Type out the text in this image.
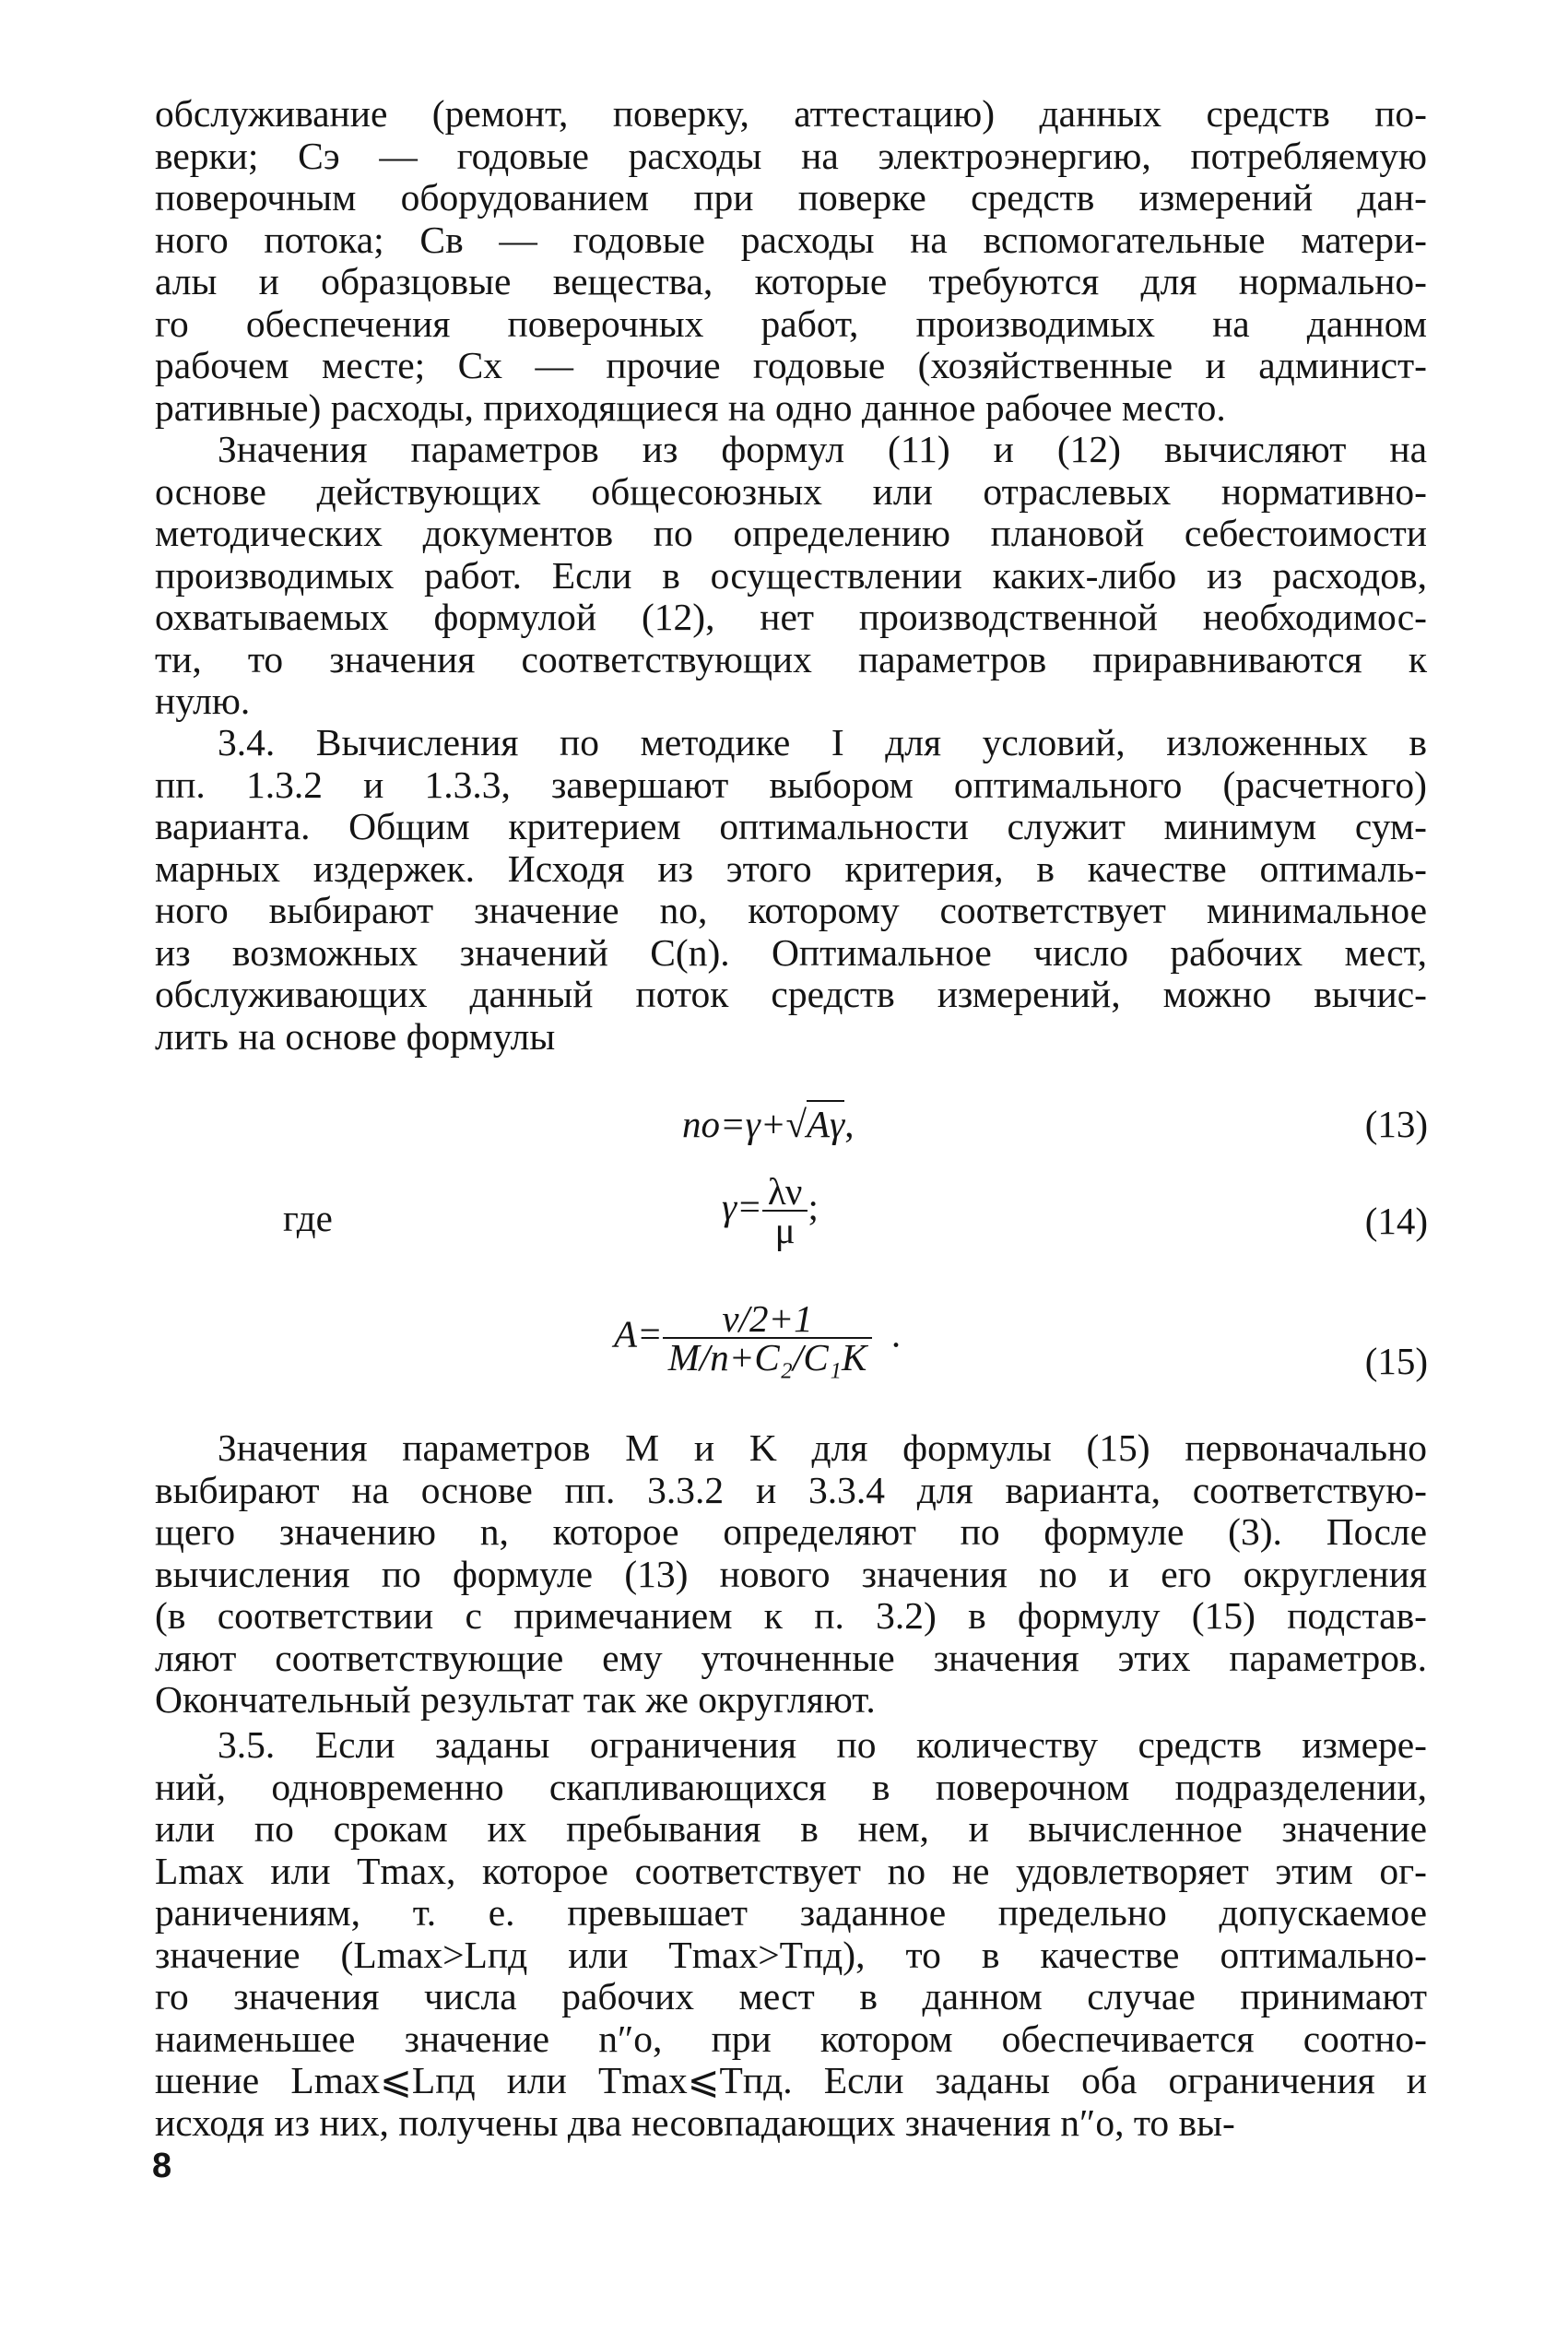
обслуживание (ремонт, поверку, аттестацию) данных средств по-
верки; Cэ — годовые расходы на электроэнергию, потребляемую
поверочным оборудованием при поверке средств измерений дан-
ного потока; Cв — годовые расходы на вспомогательные матери-
алы и образцовые вещества, которые требуются для нормально-
го обеспечения поверочных работ, производимых на данном
рабочем месте; Cх — прочие годовые (хозяйственные и админист-
ративные) расходы, приходящиеся на одно данное рабочее место.
Значения параметров из формул (11) и (12) вычисляют на
основе действующих общесоюзных или отраслевых нормативно-
методических документов по определению плановой себестоимости
производимых работ. Если в осуществлении каких-либо из расходов,
охватываемых формулой (12), нет производственной необходимос-
ти, то значения соответствующих параметров приравниваются к
нулю.
3.4. Вычисления по методике I для условий, изложенных в
пп. 1.3.2 и 1.3.3, завершают выбором оптимального (расчетного)
варианта. Общим критерием оптимальности служит минимум сум-
марных издержек. Исходя из этого критерия, в качестве оптималь-
ного выбирают значение nо, которому соответствует минимальное
из возможных значений C(n). Оптимальное число рабочих мест,
обслуживающих данный поток средств измерений, можно вычис-
лить на основе формулы
nо=γ+√Aγ,	(13)
где	$\gamma= \frac{\lambda\nu}{\mu}$ ;	(14)
$A= \frac{\nu/2+1}{\text{M/n+C₂/C₁K}}$ .
(15)
Значения параметров M и K для формулы (15) первоначально
выбирают на основе пп. 3.3.2 и 3.3.4 для варианта, соответствую-
щего значению n, которое определяют по формуле (3). После
вычисления по формуле (13) нового значения nо и его округления
(в соответствии с примечанием к п. 3.2) в формулу (15) подстав-
ляют соответствующие ему уточненные значения этих параметров.
Окончательный результат так же округляют.
3.5. Если заданы ограничения по количеству средств измере-
ний, одновременно скапливающихся в поверочном подразделении,
или по срокам их пребывания в нем, и вычисленное значение
Lmax или Tmax, которое соответствует nо не удовлетворяет этим ог-
раничениям, т. е. превышает заданное предельно допускаемое
значение (Lmax>Lпд или Tmax>Tпд), то в качестве оптимально-
го значения числа рабочих мест в данном случае принимают
наименьшее значение n″о, при котором обеспечивается соотно-
шение Lmax⩽Lпд или Tmax⩽Tпд. Если заданы оба ограничения и
исходя из них, получены два несовпадающих значения n″о, то вы-
8
